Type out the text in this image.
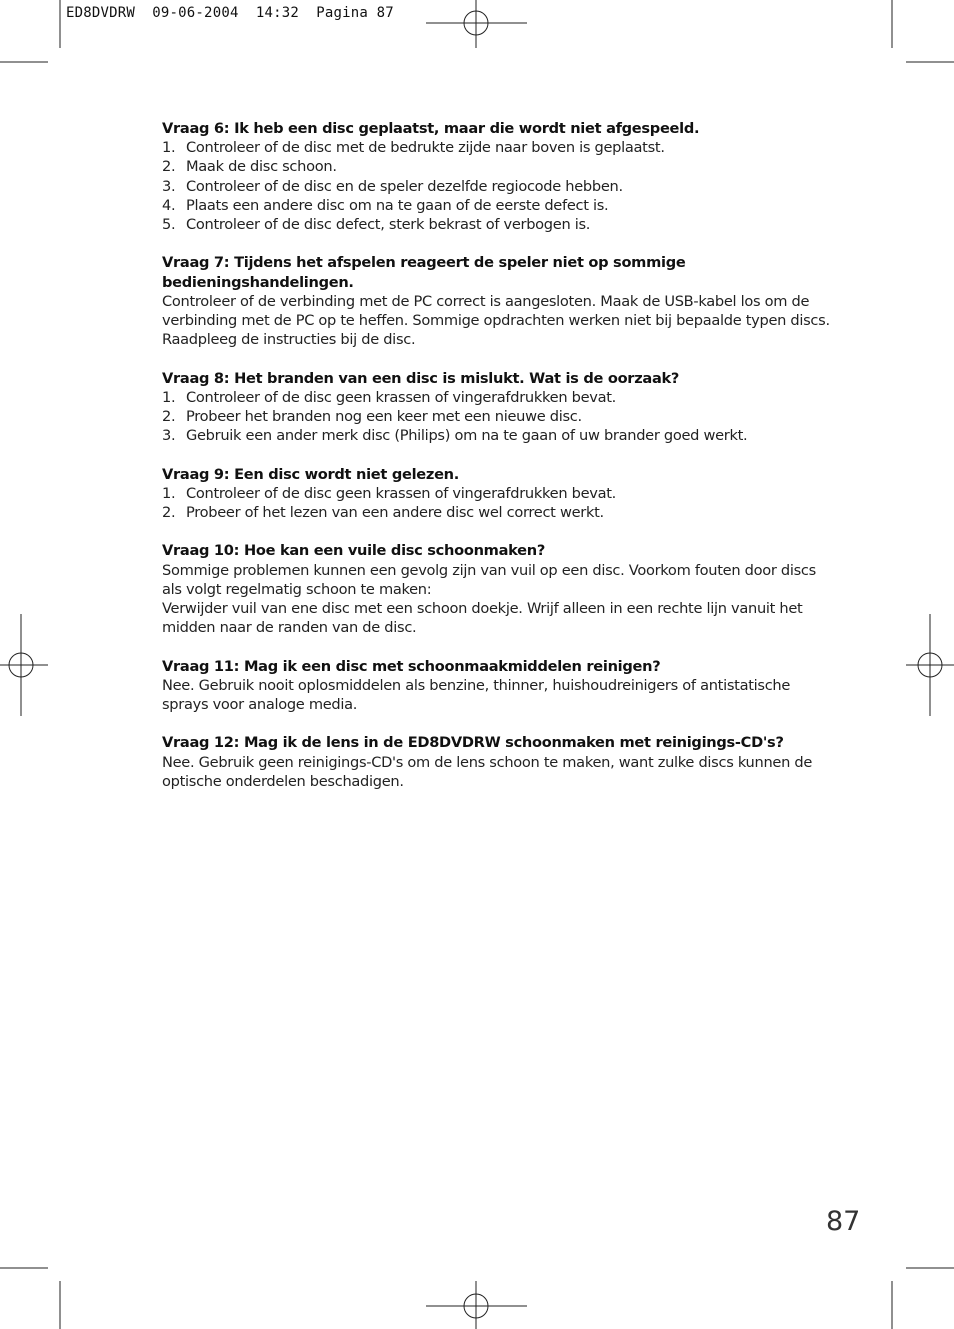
ED8DVDRW  09-06-2004  14:32  Pagina 87
Vraag 6: Ik heb een disc geplaatst, maar die wordt niet afgespeeld.
1. Controleer of de disc met de bedrukte zijde naar boven is geplaatst.
2. Maak de disc schoon.
3. Controleer of de disc en de speler dezelfde regiocode hebben.
4. Plaats een andere disc om na te gaan of de eerste defect is.
5. Controleer of de disc defect, sterk bekrast of verbogen is.
Vraag 7: Tijdens het afspelen reageert de speler niet op sommige bedieningshandelingen.
Controleer of de verbinding met de PC correct is aangesloten. Maak de USB-kabel los om de verbinding met de PC op te heffen. Sommige opdrachten werken niet bij bepaalde typen discs. Raadpleeg de instructies bij de disc.
Vraag 8: Het branden van een disc is mislukt. Wat is de oorzaak?
1. Controleer of de disc geen krassen of vingerafdrukken bevat.
2. Probeer het branden nog een keer met een nieuwe disc.
3. Gebruik een ander merk disc (Philips) om na te gaan of uw brander goed werkt.
Vraag 9: Een disc wordt niet gelezen.
1. Controleer of de disc geen krassen of vingerafdrukken bevat.
2. Probeer of het lezen van een andere disc wel correct werkt.
Vraag 10: Hoe kan een vuile disc schoonmaken?
Sommige problemen kunnen een gevolg zijn van vuil op een disc. Voorkom fouten door discs als volgt regelmatig schoon te maken:
Verwijder vuil van ene disc met een schoon doekje. Wrijf alleen in een rechte lijn vanuit het midden naar de randen van de disc.
Vraag 11: Mag ik een disc met schoonmaakmiddelen reinigen?
Nee. Gebruik nooit oplosmiddelen als benzine, thinner, huishoudreinigers of antistatische sprays voor analoge media.
Vraag 12: Mag ik de lens in de ED8DVDRW schoonmaken met reinigings-CD's?
Nee. Gebruik geen reinigings-CD's om de lens schoon te maken, want zulke discs kunnen de optische onderdelen beschadigen.
87
